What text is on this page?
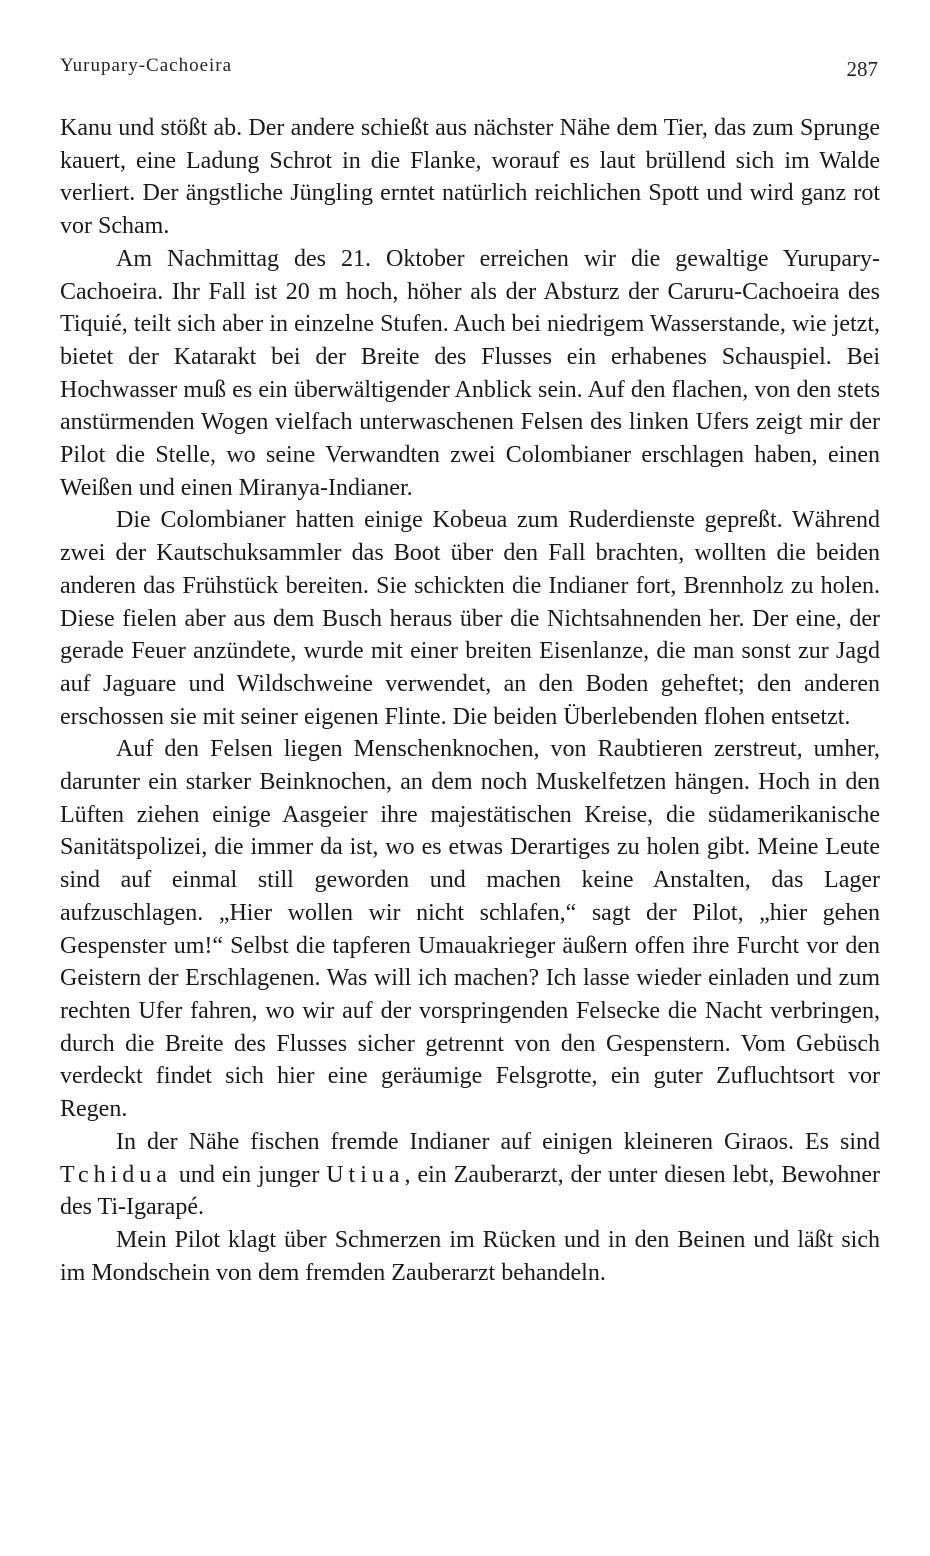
Yurupary-Cachoeira	287

Kanu und stößt ab. Der andere schießt aus nächster Nähe dem Tier, das zum Sprunge kauert, eine Ladung Schrot in die Flanke, worauf es laut brüllend sich im Walde verliert. Der ängstliche Jüngling erntet natürlich reichlichen Spott und wird ganz rot vor Scham.

Am Nachmittag des 21. Oktober erreichen wir die gewaltige Yurupary-Cachoeira. Ihr Fall ist 20 m hoch, höher als der Absturz der Caruru-Cachoeira des Tiquié, teilt sich aber in einzelne Stufen. Auch bei niedrigem Wasserstande, wie jetzt, bietet der Katarakt bei der Breite des Flusses ein erhabenes Schauspiel. Bei Hochwasser muß es ein überwältigender Anblick sein. Auf den flachen, von den stets anstürmenden Wogen vielfach unterwaschenen Felsen des linken Ufers zeigt mir der Pilot die Stelle, wo seine Verwandten zwei Colombianer erschlagen haben, einen Weißen und einen Miranya-Indianer.

Die Colombianer hatten einige Kobeua zum Ruderdienste gepreßt. Während zwei der Kautschuksammler das Boot über den Fall brachten, wollten die beiden anderen das Frühstück bereiten. Sie schickten die Indianer fort, Brennholz zu holen. Diese fielen aber aus dem Busch heraus über die Nichtsahnenden her. Der eine, der gerade Feuer anzündete, wurde mit einer breiten Eisenlanze, die man sonst zur Jagd auf Jaguare und Wildschweine verwendet, an den Boden geheftet; den anderen erschossen sie mit seiner eigenen Flinte. Die beiden Überlebenden flohen entsetzt.

Auf den Felsen liegen Menschenknochen, von Raubtieren zerstreut, umher, darunter ein starker Beinknochen, an dem noch Muskelfetzen hängen. Hoch in den Lüften ziehen einige Aasgeier ihre majestätischen Kreise, die südamerikanische Sanitätspolizei, die immer da ist, wo es etwas Derartiges zu holen gibt. Meine Leute sind auf einmal still geworden und machen keine Anstalten, das Lager aufzuschlagen. „Hier wollen wir nicht schlafen,“ sagt der Pilot, „hier gehen Gespenster um!“ Selbst die tapferen Umauakrieger äußern offen ihre Furcht vor den Geistern der Erschlagenen. Was will ich machen? Ich lasse wieder einladen und zum rechten Ufer fahren, wo wir auf der vorspringenden Felsecke die Nacht verbringen, durch die Breite des Flusses sicher getrennt von den Gespenstern. Vom Gebüsch verdeckt findet sich hier eine geräumige Felsgrotte, ein guter Zufluchtsort vor Regen.

In der Nähe fischen fremde Indianer auf einigen kleineren Giraos. Es sind Tchidua und ein junger Utiua, ein Zauberarzt, der unter diesen lebt, Bewohner des Ti-Igarapé.

Mein Pilot klagt über Schmerzen im Rücken und in den Beinen und läßt sich im Mondschein von dem fremden Zauberarzt behandeln.
